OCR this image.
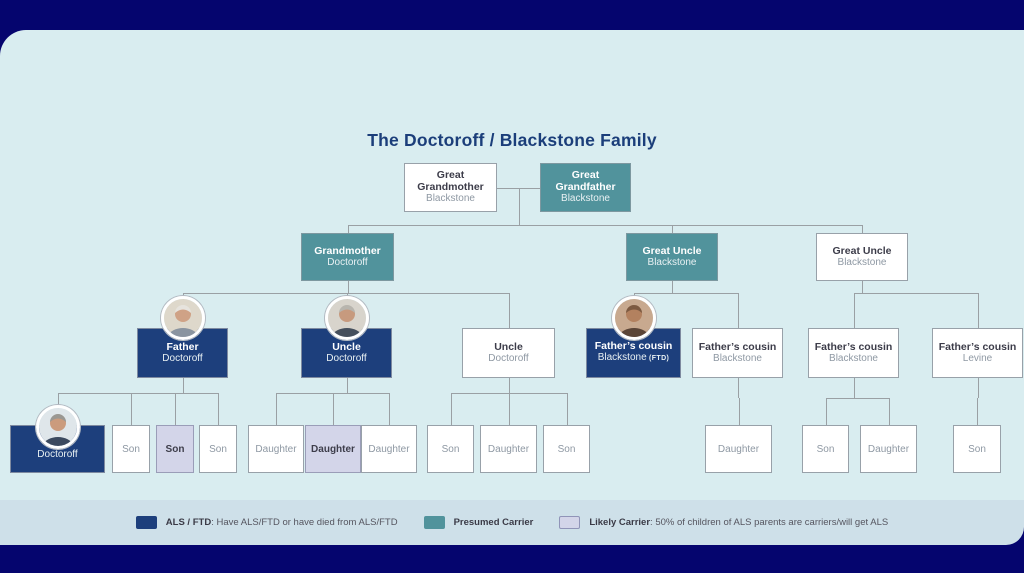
ALS / FTD: Have ALS/FTD or have died from ALS/FTD	Presumed Carrier	Likely Carrier: 50% of children of ALS parents are carriers/will get ALS
The Doctoroff / Blackstone Family
Great Grandmother
Blackstone
Great Grandfather
Blackstone
Grandmother
Doctoroff
Great Uncle
Blackstone
Great Uncle
Blackstone
Father
Doctoroff
Uncle
Doctoroff
Uncle
Doctoroff
Father’s cousin
Blackstone (FTD)
Father’s cousin
Blackstone
Father’s cousin
Blackstone
Father’s cousin
Levine
Doctoroff	Son	Son Son	Daughter Daughter Daughter	Son	Daughter	Son	Daughter	Son	Daughter	Son
